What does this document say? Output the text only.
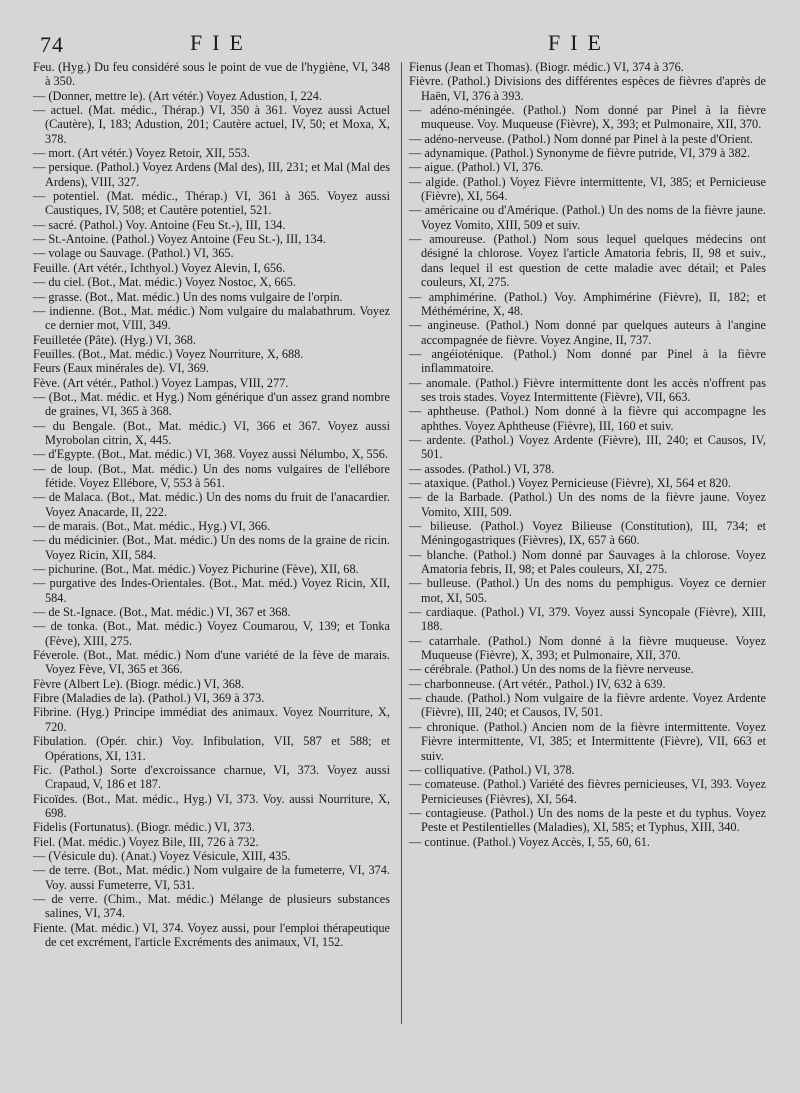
74	FIE	FIE

Feu. (Hyg.) Du feu considéré sous le point de vue de l'hygiène, VI, 348 à 350.

— (Donner, mettre le). (Art vétér.) Voyez Adustion, I, 224.

— actuel. (Mat. médic., Thérap.) VI, 350 à 361. Voyez aussi Actuel (Cautère), I, 183; Adustion, 201; Cautère actuel, IV, 50; et Moxa, X, 378.

— mort. (Art vétér.) Voyez Retoir, XII, 553.

— persique. (Pathol.) Voyez Ardens (Mal des), III, 231; et Mal (Mal des Ardens), VIII, 327.

— potentiel. (Mat. médic., Thérap.) VI, 361 à 365. Voyez aussi Caustiques, IV, 508; et Cautère potentiel, 521.

— sacré. (Pathol.) Voy. Antoine (Feu St.-), III, 134.

— St.-Antoine. (Pathol.) Voyez Antoine (Feu St.-), III, 134.

— volage ou Sauvage. (Pathol.) VI, 365.

Feuille. (Art vétér., Ichthyol.) Voyez Alevin, I, 656.

— du ciel. (Bot., Mat. médic.) Voyez Nostoc, X, 665.

— grasse. (Bot., Mat. médic.) Un des noms vulgaire de l'orpin.

— indienne. (Bot., Mat. médic.) Nom vulgaire du malabathrum. Voyez ce dernier mot, VIII, 349.

Feuilletée (Pâte). (Hyg.) VI, 368.

Feuilles. (Bot., Mat. médic.) Voyez Nourriture, X, 688.

Feurs (Eaux minérales de). VI, 369.

Fève. (Art vétér., Pathol.) Voyez Lampas, VIII, 277.

— (Bot., Mat. médic. et Hyg.) Nom générique d'un assez grand nombre de graines, VI, 365 à 368.

— du Bengale. (Bot., Mat. médic.) VI, 366 et 367. Voyez aussi Myrobolan citrin, X, 445.

— d'Egypte. (Bot., Mat. médic.) VI, 368. Voyez aussi Nélumbo, X, 556.

— de loup. (Bot., Mat. médic.) Un des noms vulgaires de l'ellébore fétide. Voyez Ellébore, V, 553 à 561.

— de Malaca. (Bot., Mat. médic.) Un des noms du fruit de l'anacardier. Voyez Anacarde, II, 222.

— de marais. (Bot., Mat. médic., Hyg.) VI, 366.

— du médicinier. (Bot., Mat. médic.) Un des noms de la graine de ricin. Voyez Ricin, XII, 584.

— pichurine. (Bot., Mat. médic.) Voyez Pichurine (Fève), XII, 68.

— purgative des Indes-Orientales. (Bot., Mat. méd.) Voyez Ricin, XII, 584.

— de St.-Ignace. (Bot., Mat. médic.) VI, 367 et 368.

— de tonka. (Bot., Mat. médic.) Voyez Coumarou, V, 139; et Tonka (Fève), XIII, 275.

Féverole. (Bot., Mat. médic.) Nom d'une variété de la fève de marais. Voyez Fève, VI, 365 et 366.

Fèvre (Albert Le). (Biogr. médic.) VI, 368.

Fibre (Maladies de la). (Pathol.) VI, 369 à 373.

Fibrine. (Hyg.) Principe immédiat des animaux. Voyez Nourriture, X, 720.

Fibulation. (Opér. chir.) Voy. Infibulation, VII, 587 et 588; et Opérations, XI, 131.

Fic. (Pathol.) Sorte d'excroissance charnue, VI, 373. Voyez aussi Crapaud, V, 186 et 187.

Ficoïdes. (Bot., Mat. médic., Hyg.) VI, 373. Voy. aussi Nourriture, X, 698.

Fidelis (Fortunatus). (Biogr. médic.) VI, 373.

Fiel. (Mat. médic.) Voyez Bile, III, 726 à 732.

— (Vésicule du). (Anat.) Voyez Vésicule, XIII, 435.

— de terre. (Bot., Mat. médic.) Nom vulgaire de la fumeterre, VI, 374. Voy. aussi Fumeterre, VI, 531.

— de verre. (Chim., Mat. médic.) Mélange de plusieurs substances salines, VI, 374.

Fiente. (Mat. médic.) VI, 374. Voyez aussi, pour l'emploi thérapeutique de cet excrément, l'article Excréments des animaux, VI, 152.

Fienus (Jean et Thomas). (Biogr. médic.) VI, 374 à 376.

Fièvre. (Pathol.) Divisions des différentes espèces de fièvres d'après de Haën, VI, 376 à 393.

— adéno-méningée. (Pathol.) Nom donné par Pinel à la fièvre muqueuse. Voy. Muqueuse (Fièvre), X, 393; et Pulmonaire, XII, 370.

— adéno-nerveuse. (Pathol.) Nom donné par Pinel à la peste d'Orient.

— adynamique. (Pathol.) Synonyme de fièvre putride, VI, 379 à 382.

— aigue. (Pathol.) VI, 376.

— algide. (Pathol.) Voyez Fièvre intermittente, VI, 385; et Pernicieuse (Fièvre), XI, 564.

— américaine ou d'Amérique. (Pathol.) Un des noms de la fièvre jaune. Voyez Vomito, XIII, 509 et suiv.

— amoureuse. (Pathol.) Nom sous lequel quelques médecins ont désigné la chlorose. Voyez l'article Amatoria febris, II, 98 et suiv., dans lequel il est question de cette maladie avec détail; et Pales couleurs, XI, 275.

— amphimérine. (Pathol.) Voy. Amphimérine (Fièvre), II, 182; et Méthémérine, X, 48.

— angineuse. (Pathol.) Nom donné par quelques auteurs à l'angine accompagnée de fièvre. Voyez Angine, II, 737.

— angéioténique. (Pathol.) Nom donné par Pinel à la fièvre inflammatoire.

— anomale. (Pathol.) Fièvre intermittente dont les accès n'offrent pas ses trois stades. Voyez Intermittente (Fièvre), VII, 663.

— aphtheuse. (Pathol.) Nom donné à la fièvre qui accompagne les aphthes. Voyez Aphtheuse (Fièvre), III, 160 et suiv.

— ardente. (Pathol.) Voyez Ardente (Fièvre), III, 240; et Causos, IV, 501.

— assodes. (Pathol.) VI, 378.

— ataxique. (Pathol.) Voyez Pernicieuse (Fièvre), XI, 564 et 820.

— de la Barbade. (Pathol.) Un des noms de la fièvre jaune. Voyez Vomito, XIII, 509.

— bilieuse. (Pathol.) Voyez Bilieuse (Constitution), III, 734; et Méningogastriques (Fièvres), IX, 657 à 660.

— blanche. (Pathol.) Nom donné par Sauvages à la chlorose. Voyez Amatoria febris, II, 98; et Pales couleurs, XI, 275.

— bulleuse. (Pathol.) Un des noms du pemphigus. Voyez ce dernier mot, XI, 505.

— cardiaque. (Pathol.) VI, 379. Voyez aussi Syncopale (Fièvre), XIII, 188.

— catarrhale. (Pathol.) Nom donné à la fièvre muqueuse. Voyez Muqueuse (Fièvre), X, 393; et Pulmonaire, XII, 370.

— cérébrale. (Pathol.) Un des noms de la fièvre nerveuse.

— charbonneuse. (Art vétér., Pathol.) IV, 632 à 639.

— chaude. (Pathol.) Nom vulgaire de la fièvre ardente. Voyez Ardente (Fièvre), III, 240; et Causos, IV, 501.

— chronique. (Pathol.) Ancien nom de la fièvre intermittente. Voyez Fièvre intermittente, VI, 385; et Intermittente (Fièvre), VII, 663 et suiv.

— colliquative. (Pathol.) VI, 378.

— comateuse. (Pathol.) Variété des fièvres pernicieuses, VI, 393. Voyez Pernicieuses (Fièvres), XI, 564.

— contagieuse. (Pathol.) Un des noms de la peste et du typhus. Voyez Peste et Pestilentielles (Maladies), XI, 585; et Typhus, XIII, 340.

— continue. (Pathol.) Voyez Accès, I, 55, 60, 61.
